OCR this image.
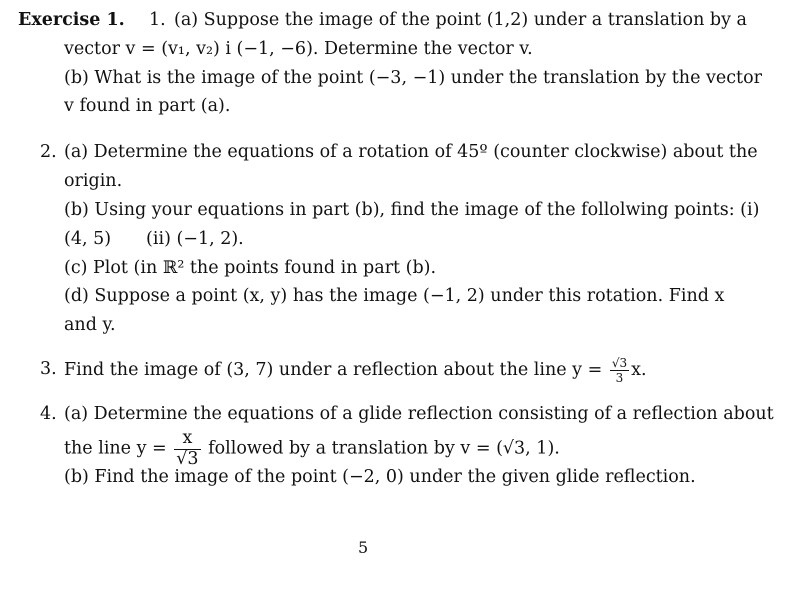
Exercise 1. 1. (a) Suppose the image of the point (1,2) under a translation by a
vector v = (v₁, v₂) i (−1, −6). Determine the vector v.
(b) What is the image of the point (−3, −1) under the translation by the vector
v found in part (a).
2. (a) Determine the equations of a rotation of 45º (counter clockwise) about the
origin.
(b) Using your equations in part (b), find the image of the follolwing points: (i)
(4, 5)  (ii) (−1, 2).
(c) Plot (in ℝ² the points found in part (b).
(d) Suppose a point (x, y) has the image (−1, 2) under this rotation. Find x
and y.
3. Find the image of (3, 7) under a reflection about the line $y = \frac{√3}{3} x$.
4. (a) Determine the equations of a glide reflection consisting of a reflection about
the line $y = \frac{x}{√3}$ followed by a translation by v = (√3, 1).
(b) Find the image of the point (−2, 0) under the given glide reflection.
5
